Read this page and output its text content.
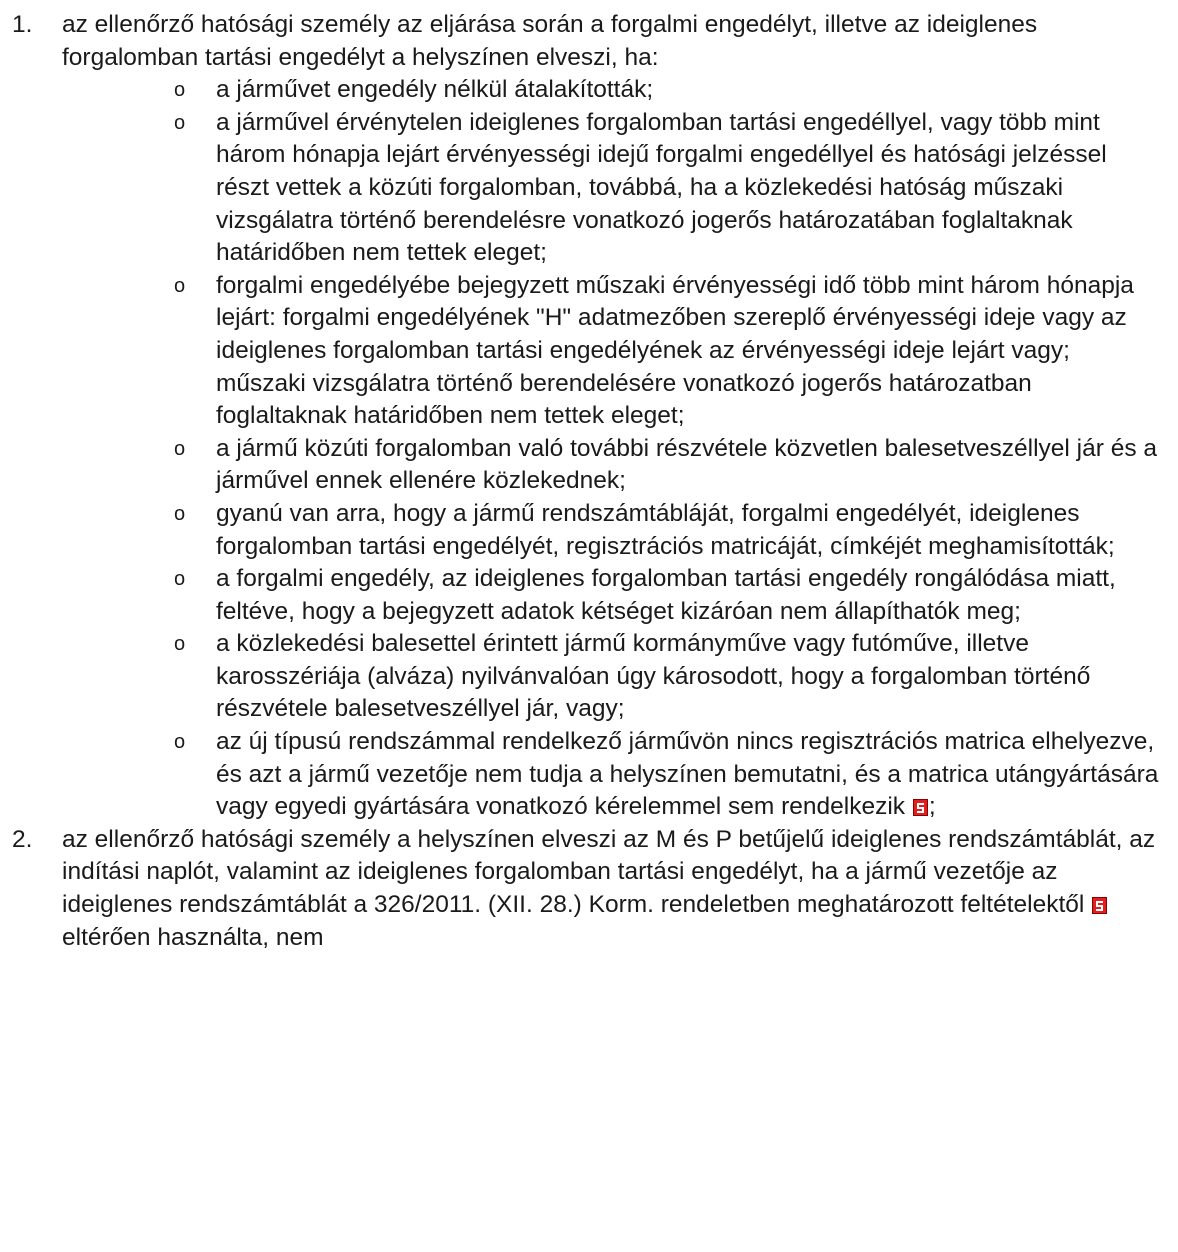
1. az ellenőrző hatósági személy az eljárása során a forgalmi engedélyt, illetve az ideiglenes forgalomban tartási engedélyt a helyszínen elveszi, ha:
o a járművet engedély nélkül átalakították;
o a járművel érvénytelen ideiglenes forgalomban tartási engedéllyel, vagy több mint három hónapja lejárt érvényességi idejű forgalmi engedéllyel és hatósági jelzéssel részt vettek a közúti forgalomban, továbbá, ha a közlekedési hatóság műszaki vizsgálatra történő berendelésre vonatkozó jogerős határozatában foglaltaknak határidőben nem tettek eleget;
o forgalmi engedélyébe bejegyzett műszaki érvényességi idő több mint három hónapja lejárt: forgalmi engedélyének "H" adatmezőben szereplő érvényességi ideje vagy az ideiglenes forgalomban tartási engedélyének az érvényességi ideje lejárt vagy; műszaki vizsgálatra történő berendelésére vonatkozó jogerős határozatban foglaltaknak határidőben nem tettek eleget;
o a jármű közúti forgalomban való további részvétele közvetlen balesetveszéllyel jár és a járművel ennek ellenére közlekednek;
o gyanú van arra, hogy a jármű rendszámtábláját, forgalmi engedélyét, ideiglenes forgalomban tartási engedélyét, regisztrációs matricáját, címkéjét meghamisították;
o a forgalmi engedély, az ideiglenes forgalomban tartási engedély rongálódása miatt, feltéve, hogy a bejegyzett adatok kétséget kizáróan nem állapíthatók meg;
o a közlekedési balesettel érintett jármű kormányműve vagy futóműve, illetve karosszériája (alváza) nyilvánvalóan úgy károsodott, hogy a forgalomban történő részvétele balesetveszéllyel jár, vagy;
o az új típusú rendszámmal rendelkező járművön nincs regisztrációs matrica elhelyezve, és azt a jármű vezetője nem tudja a helyszínen bemutatni, és a matrica utángyártására vagy egyedi gyártására vonatkozó kérelemmel sem rendelkezik ;
2. az ellenőrző hatósági személy a helyszínen elveszi az M és P betűjelű ideiglenes rendszámtáblát, az indítási naplót, valamint az ideiglenes forgalomban tartási engedélyt, ha a jármű vezetője az ideiglenes rendszámtáblát a 326/2011. (XII. 28.) Korm. rendeletben meghatározott feltételektől eltérően használta, nem
